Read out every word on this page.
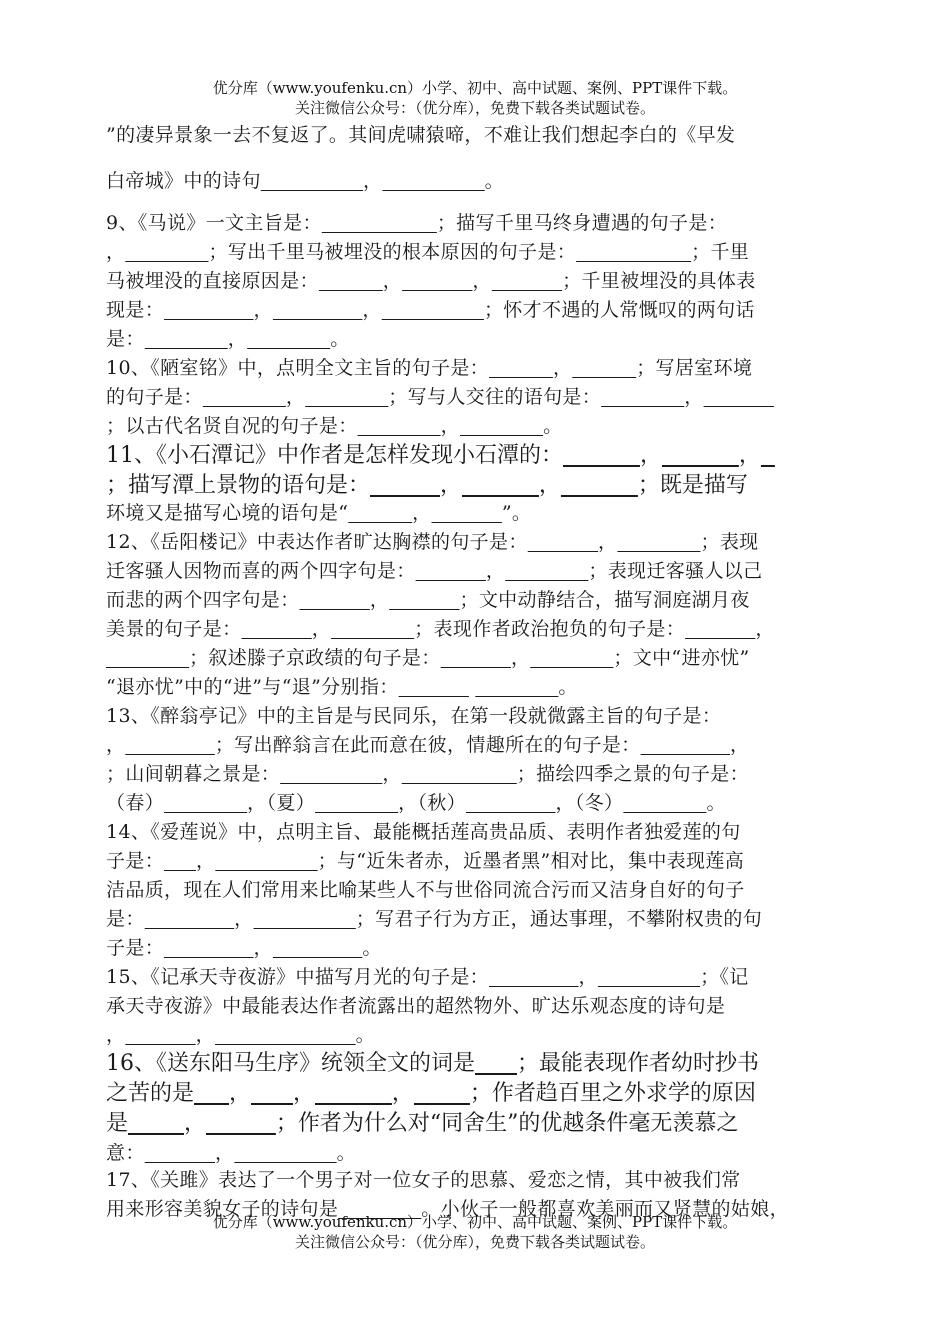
优分库（www.youfenku.cn）小学、初中、高中试题、案例、PPT课件下载。
关注微信公众号：（优分库），免费下载各类试题试卷。
”的凄异景象一去不复返了。其间虎啸猿啼，不难让我们想起李白的《早发
白帝城》中的诗句	，	。
9、《马说》一文主旨是：	；描写千里马终身遭遇的句子是：
，	；写出千里马被埋没的根本原因的句子是：	；千里
马被埋没的直接原因是：	，	，	；千里被埋没的具体表
现是：	，	，	；怀才不遇的人常慨叹的两句话
是：	，	。
10、《陋室铭》中，点明全文主旨的句子是：	，	；写居室环境
的句子是：	，	；写与人交往的语句是：	，
；以古代名贤自况的句子是：	，	。
11、《小石潭记》中作者是怎样发现小石潭的：	，	，
；描写潭上景物的语句是：	，	，	；既是描写
环境又是描写心境的语句是“	，	”。
12、《岳阳楼记》中表达作者旷达胸襟的句子是：	，	；表现
迁客骚人因物而喜的两个四字句是：	，	；表现迁客骚人以己
而悲的两个四字句是：	，	；文中动静结合，描写洞庭湖月夜
美景的句子是：	，	；表现作者政治抱负的句子是：	，
；叙述滕子京政绩的句子是：	，	；文中“进亦忧”
“退亦忧”中的“进”与“退”分别指：	。
13、《醉翁亭记》中的主旨是与民同乐，在第一段就微露主旨的句子是：
，	；写出醉翁言在此而意在彼，情趣所在的句子是：	，
；山间朝暮之景是：	，	；描绘四季之景的句子是：
（春）	，（夏）	，（秋）	，（冬）	。
14、《爱莲说》中，点明主旨、最能概括莲高贵品质、表明作者独爱莲的句
子是： ，	；与“近朱者赤，近墨者黑”相对比，集中表现莲高
洁品质，现在人们常用来比喻某些人不与世俗同流合污而又洁身自好的句子
是：	，	；写君子行为方正，通达事理，不攀附权贵的句
子是：	，	。
15、《记承天寺夜游》中描写月光的句子是：	，	；《记
承天寺夜游》中最能表达作者流露出的超然物外、旷达乐观态度的诗句是
，	，	。
16、《送东阳马生序》统领全文的词是 ；最能表现作者幼时抄书
之苦的是 ， ，	，	；作者趋百里之外求学的原因
是	，	；作者为什么对“同舍生”的优越条件毫无羡慕之
意：	，	。
17、《关雎》表达了一个男子对一位女子的思慕、爱恋之情，其中被我们常
用来形容美貌女子的诗句是	。小伙子一般都喜欢美丽而又贤慧的姑娘，
优分库（www.youfenku.cn）小学、初中、高中试题、案例、PPT课件下载。
关注微信公众号：（优分库），免费下载各类试题试卷。
